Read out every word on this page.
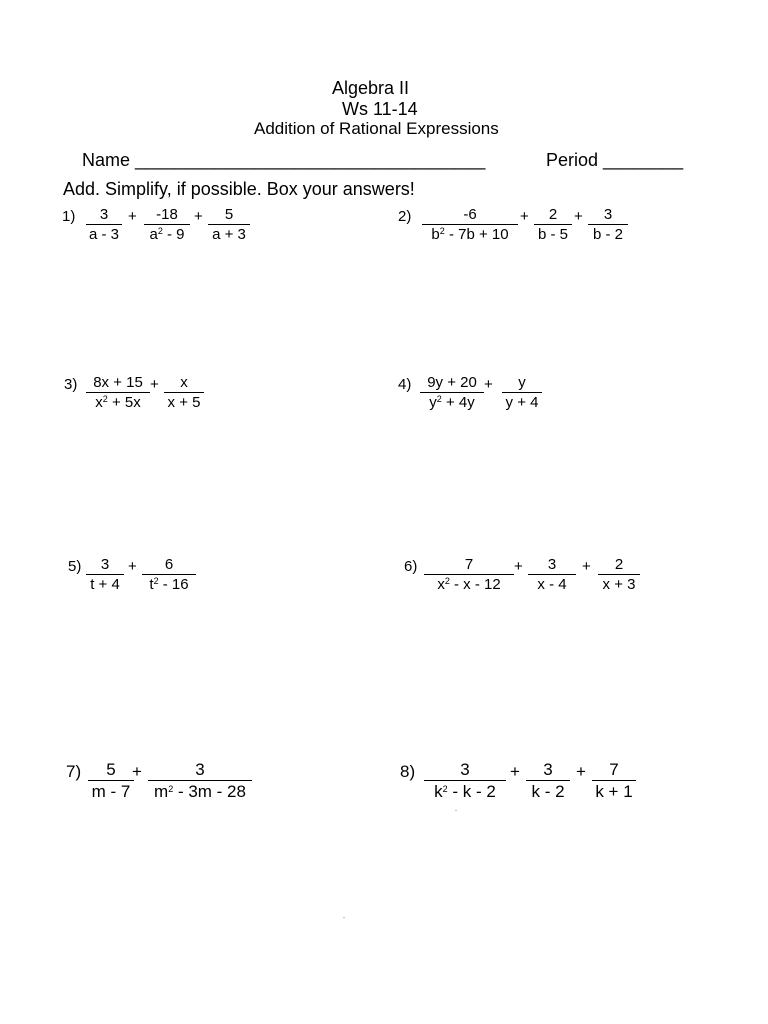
Algebra II
Ws 11-14
Addition of Rational Expressions
Name ___________________________________	Period ________
Add. Simplify, if possible. Box your answers!
$1) \frac{3}{a - 3} + \frac{-18}{a^2 - 9} + \frac{5}{a + 3}$	$2) \frac{-6}{b^2 - 7b + 10} + \frac{2}{b - 5} + \frac{3}{b - 2}$
$3) \frac{8x + 15}{x^2 + 5x} + \frac{x}{x + 5}$	$4) \frac{9y + 20}{y^2 + 4y} + \frac{y}{y + 4}$
$5) \frac{3}{t + 4} + \frac{6}{t^2 - 16}$	$6) \frac{7}{x^2 - x - 12} + \frac{3}{x - 4} + \frac{2}{x + 3}$
$7) \frac{5}{m - 7}$
+ $\frac{3}{m^2 - 3m - 28}$	$8) \frac{3}{k^2 - k - 2} + \frac{3}{k - 2} + \frac{7}{k + 1}$
